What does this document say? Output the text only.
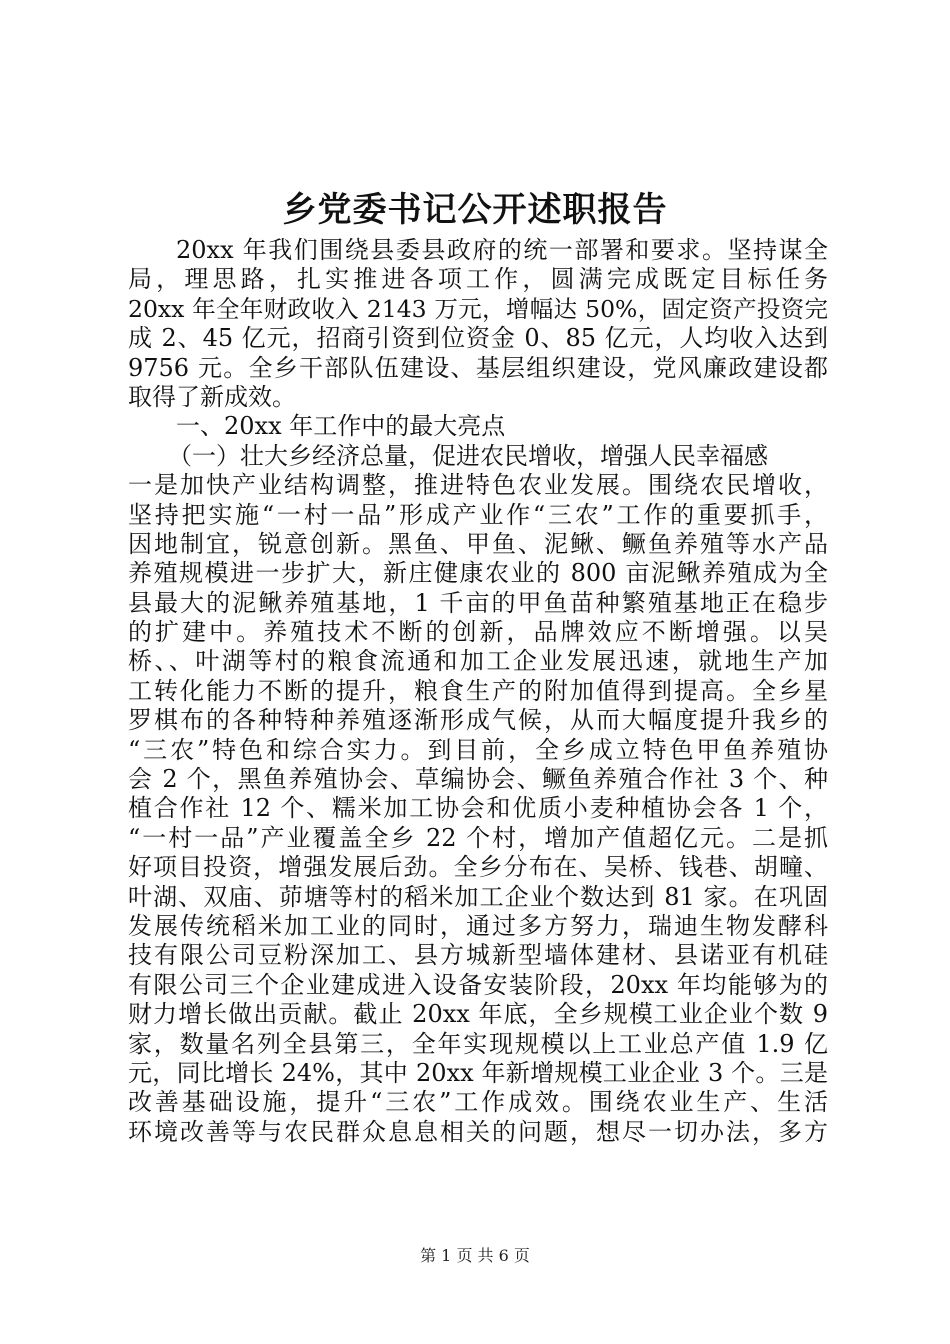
乡党委书记公开述职报告
20xx 年我们围绕县委县政府的统一部署和要求。坚持谋全
局，理思路，扎实推进各项工作，圆满完成既定目标任务
20xx 年全年财政收入 2143 万元，增幅达 50%，固定资产投资完
成 2、45 亿元，招商引资到位资金 0、85 亿元，人均收入达到
9756 元。全乡干部队伍建设、基层组织建设，党风廉政建设都
取得了新成效。
一、20xx 年工作中的最大亮点
（一）壮大乡经济总量，促进农民增收，增强人民幸福感
一是加快产业结构调整，推进特色农业发展。围绕农民增收，
坚持把实施“一村一品”形成产业作“三农”工作的重要抓手，
因地制宜，锐意创新。黑鱼、甲鱼、泥鳅、鳜鱼养殖等水产品
养殖规模进一步扩大，新庄健康农业的 800 亩泥鳅养殖成为全
县最大的泥鳅养殖基地，1 千亩的甲鱼苗种繁殖基地正在稳步
的扩建中。养殖技术不断的创新，品牌效应不断增强。以吴
桥、、叶湖等村的粮食流通和加工企业发展迅速，就地生产加
工转化能力不断的提升，粮食生产的附加值得到提高。全乡星
罗棋布的各种特种养殖逐渐形成气候，从而大幅度提升我乡的
“三农”特色和综合实力。到目前，全乡成立特色甲鱼养殖协
会 2 个，黑鱼养殖协会、草编协会、鳜鱼养殖合作社 3 个、种
植合作社 12 个、糯米加工协会和优质小麦种植协会各 1 个，
“一村一品”产业覆盖全乡 22 个村，增加产值超亿元。二是抓
好项目投资，增强发展后劲。全乡分布在、吴桥、钱巷、胡疃、
叶湖、双庙、茆塘等村的稻米加工企业个数达到 81 家。在巩固
发展传统稻米加工业的同时，通过多方努力，瑞迪生物发酵科
技有限公司豆粉深加工、县方城新型墙体建材、县诺亚有机硅
有限公司三个企业建成进入设备安装阶段，20xx 年均能够为的
财力增长做出贡献。截止 20xx 年底，全乡规模工业企业个数 9
家，数量名列全县第三，全年实现规模以上工业总产值 1.9 亿
元，同比增长 24%，其中 20xx 年新增规模工业企业 3 个。三是
改善基础设施，提升“三农”工作成效。围绕农业生产、生活
环境改善等与农民群众息息相关的问题，想尽一切办法，多方
第 1 页 共 6 页
